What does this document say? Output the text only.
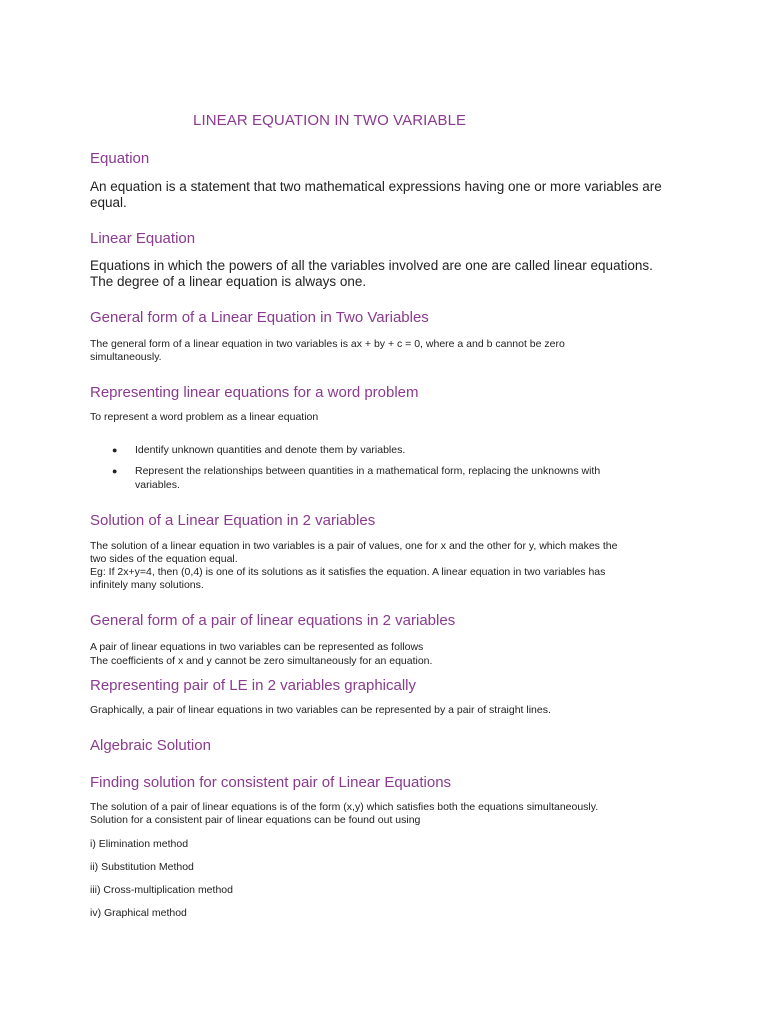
LINEAR EQUATION IN TWO VARIABLE
Equation

An equation is a statement that two mathematical expressions having one or more variables are
equal.

Linear Equation

Equations in which the powers of all the variables involved are one are called linear equations.
The degree of a linear equation is always one.

General form of a Linear Equation in Two Variables

The general form of a linear equation in two variables is ax + by + c = 0, where a and b cannot be zero
simultaneously.

Representing linear equations for a word problem

To represent a word problem as a linear equation

●	Identify unknown quantities and denote them by variables.
●	Represent the relationships between quantities in a mathematical form, replacing the unknowns with
variables.
Solution of a Linear Equation in 2 variables

The solution of a linear equation in two variables is a pair of values, one for x and the other for y, which makes the
two sides of the equation equal.
Eg: If 2x+y=4, then (0,4) is one of its solutions as it satisfies the equation. A linear equation in two variables has
infinitely many solutions.

General form of a pair of linear equations in 2 variables

A pair of linear equations in two variables can be represented as follows
The coefficients of x and y cannot be zero simultaneously for an equation.

Representing pair of LE in 2 variables graphically

Graphically, a pair of linear equations in two variables can be represented by a pair of straight lines.

Algebraic Solution
Finding solution for consistent pair of Linear Equations

The solution of a pair of linear equations is of the form (x,y) which satisfies both the equations simultaneously.
Solution for a consistent pair of linear equations can be found out using

i) Elimination method

ii) Substitution Method

iii) Cross-multiplication method

iv) Graphical method
